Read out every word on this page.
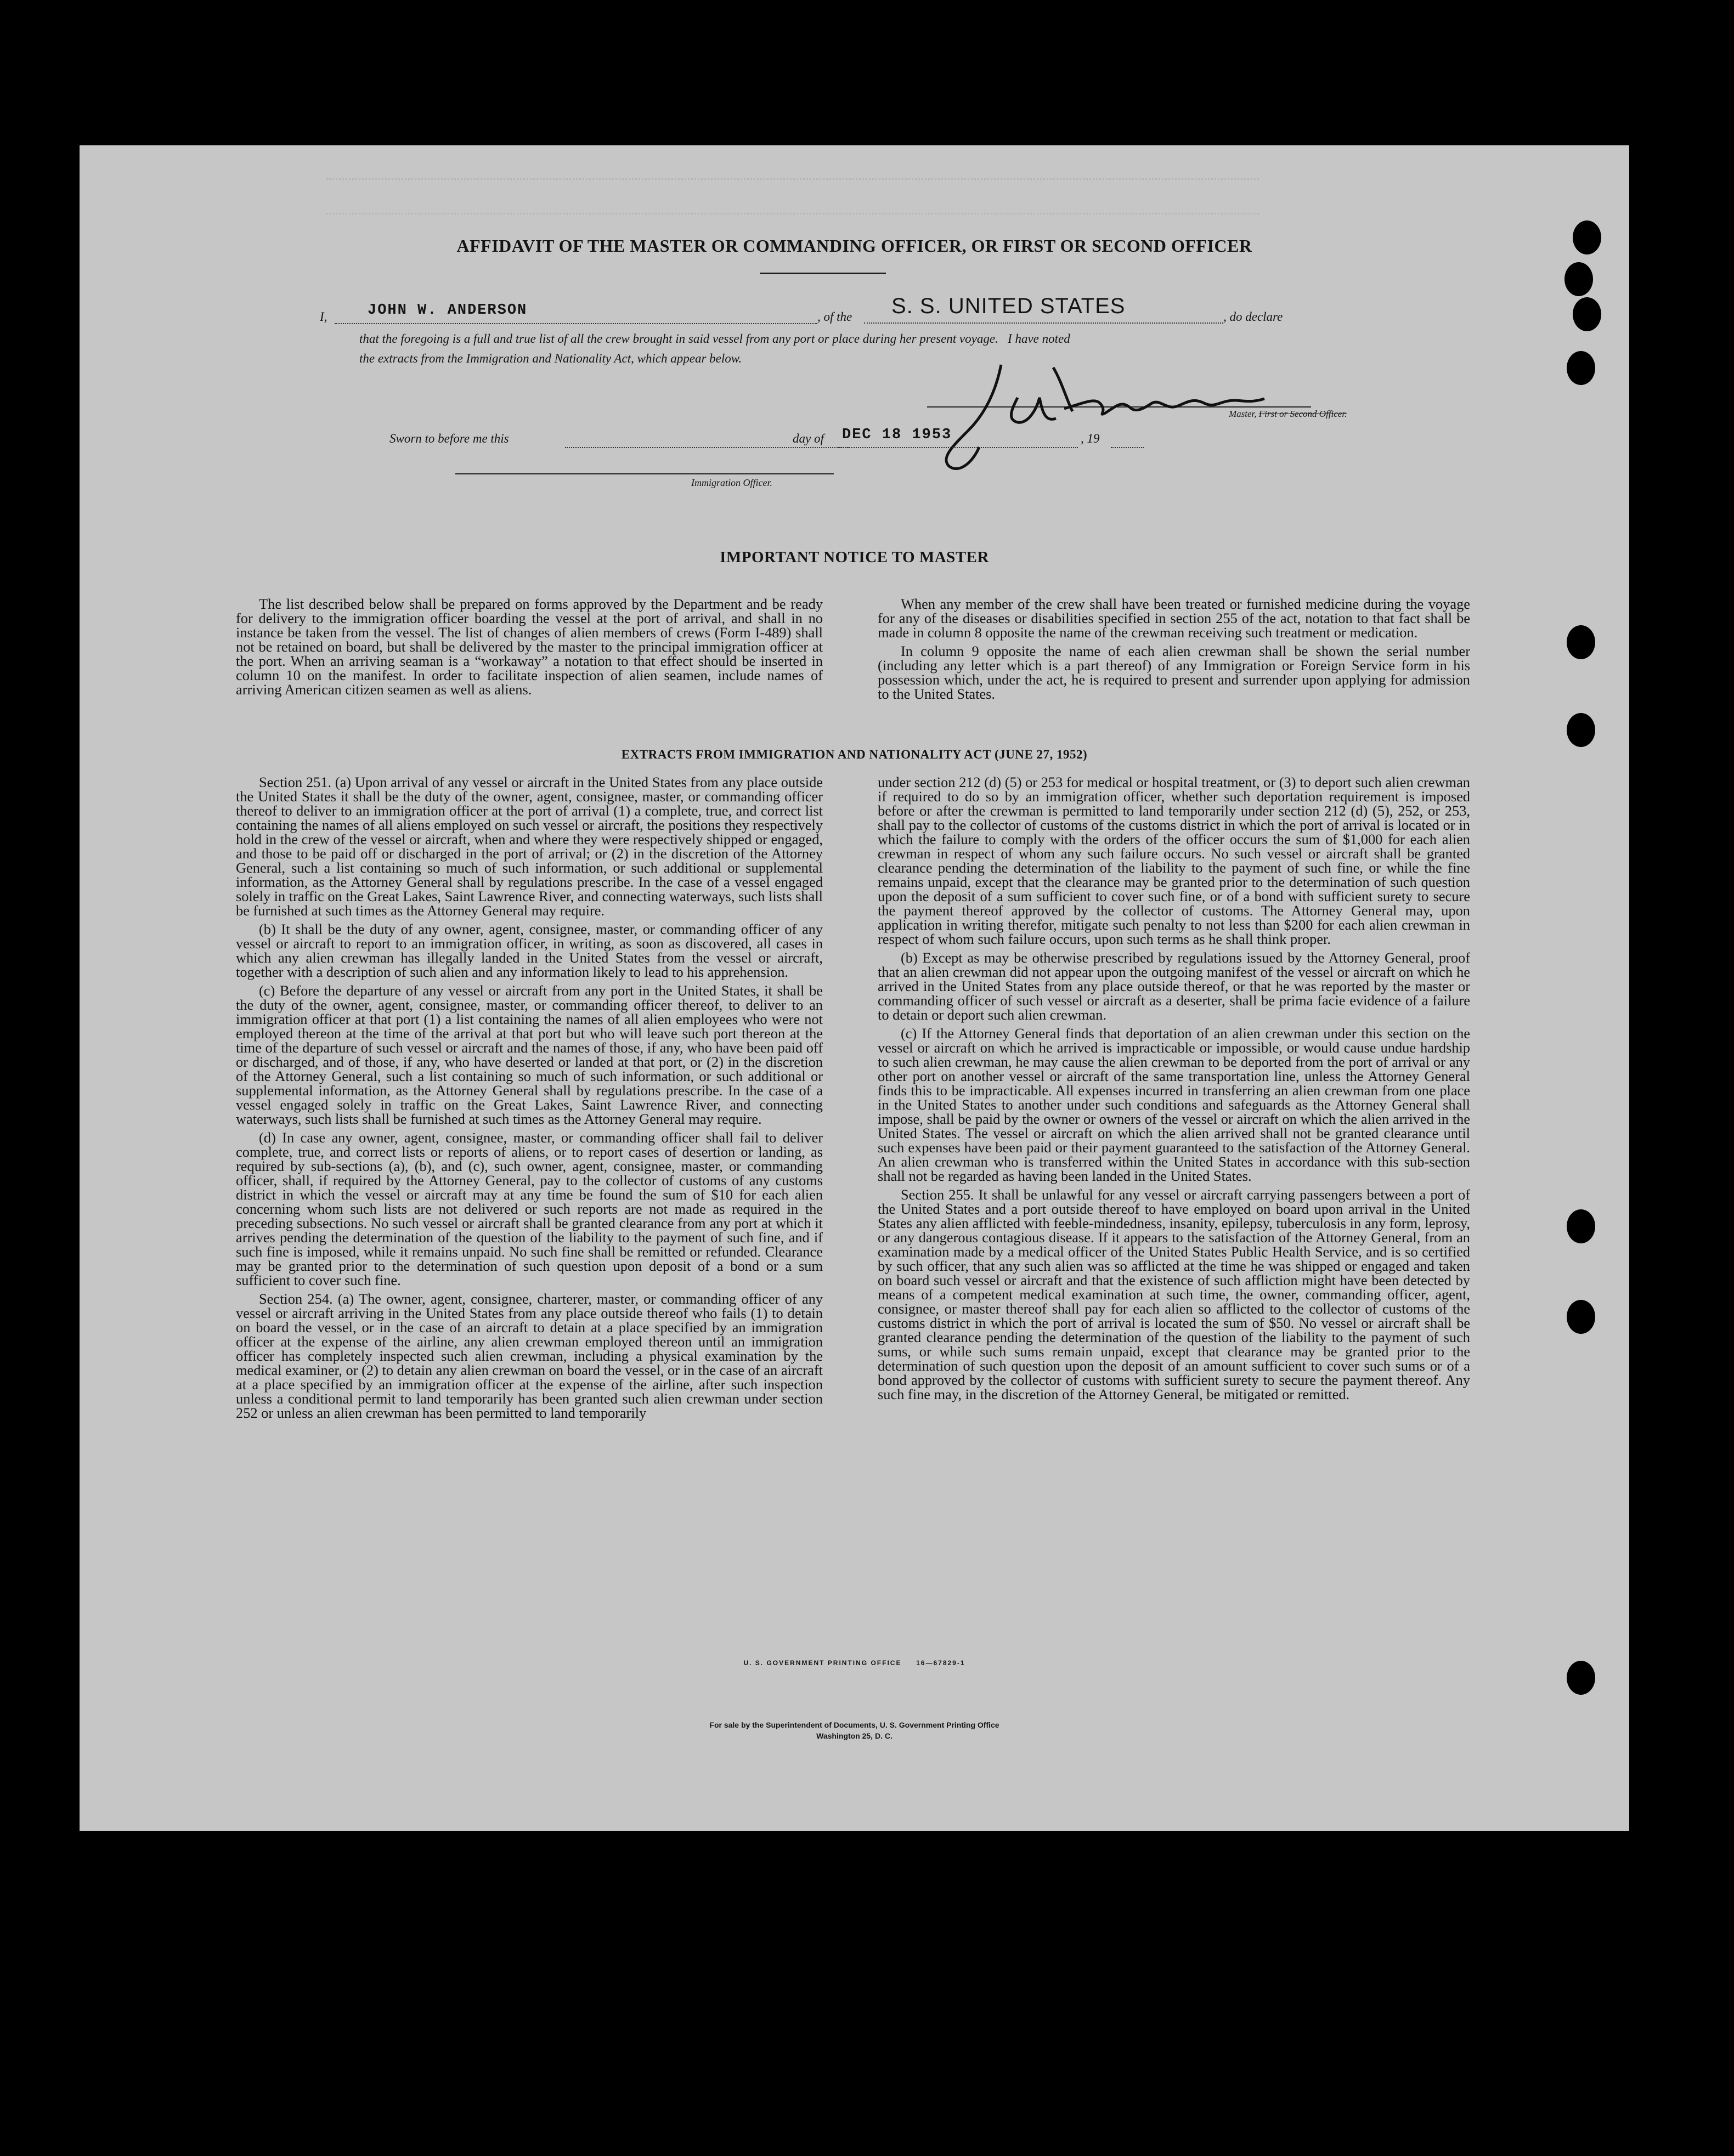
AFFIDAVIT OF THE MASTER OR COMMANDING OFFICER, OR FIRST OR SECOND OFFICER
I,	JOHN W. ANDERSON	, of the S. S. UNITED STATES	, do declare
that the foregoing is a full and true list of all the crew brought in said vessel from any port or place during her present voyage.   I have noted
the extracts from the Immigration and Nationality Act, which appear below.
Master, First or Second Officer.
Sworn to before me this	day of DEC 18 1953	, 19
Immigration Officer.
IMPORTANT NOTICE TO MASTER

The list described below shall be prepared on forms approved by the Department and be ready for delivery to the immigration officer boarding the vessel at the port of arrival, and shall in no instance be taken from the vessel. The list of changes of alien members of crews (Form I-489) shall not be retained on board, but shall be delivered by the master to the principal immigration officer at the port. When an arriving seaman is a “workaway” a notation to that effect should be inserted in column 10 on the manifest. In order to facilitate inspection of alien seamen, include names of arriving American citizen seamen as well as aliens.

When any member of the crew shall have been treated or furnished medicine during the voyage for any of the diseases or disabilities specified in section 255 of the act, notation to that fact shall be made in column 8 opposite the name of the crewman receiving such treatment or medication.

In column 9 opposite the name of each alien crewman shall be shown the serial number (including any letter which is a part thereof) of any Immigration or Foreign Service form in his possession which, under the act, he is required to present and surrender upon applying for admission to the United States.

EXTRACTS FROM IMMIGRATION AND NATIONALITY ACT (JUNE 27, 1952)

Section 251. (a) Upon arrival of any vessel or aircraft in the United States from any place outside the United States it shall be the duty of the owner, agent, consignee, master, or commanding officer thereof to deliver to an immigration officer at the port of arrival (1) a complete, true, and correct list containing the names of all aliens employed on such vessel or aircraft, the positions they respectively hold in the crew of the vessel or aircraft, when and where they were respectively shipped or engaged, and those to be paid off or discharged in the port of arrival; or (2) in the discretion of the Attorney General, such a list containing so much of such information, or such additional or supplemental information, as the Attorney General shall by regulations prescribe. In the case of a vessel engaged solely in traffic on the Great Lakes, Saint Lawrence River, and connecting waterways, such lists shall be furnished at such times as the Attorney General may require.

(b) It shall be the duty of any owner, agent, consignee, master, or commanding officer of any vessel or aircraft to report to an immigration officer, in writing, as soon as discovered, all cases in which any alien crewman has illegally landed in the United States from the vessel or aircraft, together with a description of such alien and any information likely to lead to his apprehension.

(c) Before the departure of any vessel or aircraft from any port in the United States, it shall be the duty of the owner, agent, consignee, master, or commanding officer thereof, to deliver to an immigration officer at that port (1) a list containing the names of all alien employees who were not employed thereon at the time of the arrival at that port but who will leave such port thereon at the time of the departure of such vessel or aircraft and the names of those, if any, who have been paid off or discharged, and of those, if any, who have deserted or landed at that port, or (2) in the discretion of the Attorney General, such a list containing so much of such information, or such additional or supplemental information, as the Attorney General shall by regulations prescribe. In the case of a vessel engaged solely in traffic on the Great Lakes, Saint Lawrence River, and connecting waterways, such lists shall be furnished at such times as the Attorney General may require.

(d) In case any owner, agent, consignee, master, or commanding officer shall fail to deliver complete, true, and correct lists or reports of aliens, or to report cases of desertion or landing, as required by sub-sections (a), (b), and (c), such owner, agent, consignee, master, or commanding officer, shall, if required by the Attorney General, pay to the collector of customs of any customs district in which the vessel or aircraft may at any time be found the sum of $10 for each alien concerning whom such lists are not delivered or such reports are not made as required in the preceding subsections. No such vessel or aircraft shall be granted clearance from any port at which it arrives pending the determination of the question of the liability to the payment of such fine, and if such fine is imposed, while it remains unpaid. No such fine shall be remitted or refunded. Clearance may be granted prior to the determination of such question upon deposit of a bond or a sum sufficient to cover such fine.

Section 254. (a) The owner, agent, consignee, charterer, master, or commanding officer of any vessel or aircraft arriving in the United States from any place outside thereof who fails (1) to detain on board the vessel, or in the case of an aircraft to detain at a place specified by an immigration officer at the expense of the airline, any alien crewman employed thereon until an immigration officer has completely inspected such alien crewman, including a physical examination by the medical examiner, or (2) to detain any alien crewman on board the vessel, or in the case of an aircraft at a place specified by an immigration officer at the expense of the airline, after such inspection unless a conditional permit to land temporarily has been granted such alien crewman under section 252 or unless an alien crewman has been permitted to land temporarily

under section 212 (d) (5) or 253 for medical or hospital treatment, or (3) to deport such alien crewman if required to do so by an immigration officer, whether such deportation requirement is imposed before or after the crewman is permitted to land temporarily under section 212 (d) (5), 252, or 253, shall pay to the collector of customs of the customs district in which the port of arrival is located or in which the failure to comply with the orders of the officer occurs the sum of $1,000 for each alien crewman in respect of whom any such failure occurs. No such vessel or aircraft shall be granted clearance pending the determination of the liability to the payment of such fine, or while the fine remains unpaid, except that the clearance may be granted prior to the determination of such question upon the deposit of a sum sufficient to cover such fine, or of a bond with sufficient surety to secure the payment thereof approved by the collector of customs. The Attorney General may, upon application in writing therefor, mitigate such penalty to not less than $200 for each alien crewman in respect of whom such failure occurs, upon such terms as he shall think proper.

(b) Except as may be otherwise prescribed by regulations issued by the Attorney General, proof that an alien crewman did not appear upon the outgoing manifest of the vessel or aircraft on which he arrived in the United States from any place outside thereof, or that he was reported by the master or commanding officer of such vessel or aircraft as a deserter, shall be prima facie evidence of a failure to detain or deport such alien crewman.

(c) If the Attorney General finds that deportation of an alien crewman under this section on the vessel or aircraft on which he arrived is impracticable or impossible, or would cause undue hardship to such alien crewman, he may cause the alien crewman to be deported from the port of arrival or any other port on another vessel or aircraft of the same transportation line, unless the Attorney General finds this to be impracticable. All expenses incurred in transferring an alien crewman from one place in the United States to another under such conditions and safeguards as the Attorney General shall impose, shall be paid by the owner or owners of the vessel or aircraft on which the alien arrived in the United States. The vessel or aircraft on which the alien arrived shall not be granted clearance until such expenses have been paid or their payment guaranteed to the satisfaction of the Attorney General. An alien crewman who is transferred within the United States in accordance with this sub-section shall not be regarded as having been landed in the United States.

Section 255. It shall be unlawful for any vessel or aircraft carrying passengers between a port of the United States and a port outside thereof to have employed on board upon arrival in the United States any alien afflicted with feeble-mindedness, insanity, epilepsy, tuberculosis in any form, leprosy, or any dangerous contagious disease. If it appears to the satisfaction of the Attorney General, from an examination made by a medical officer of the United States Public Health Service, and is so certified by such officer, that any such alien was so afflicted at the time he was shipped or engaged and taken on board such vessel or aircraft and that the existence of such affliction might have been detected by means of a competent medical examination at such time, the owner, commanding officer, agent, consignee, or master thereof shall pay for each alien so afflicted to the collector of customs of the customs district in which the port of arrival is located the sum of $50. No vessel or aircraft shall be granted clearance pending the determination of the question of the liability to the payment of such sums, or while such sums remain unpaid, except that clearance may be granted prior to the determination of such question upon the deposit of an amount sufficient to cover such sums or of a bond approved by the collector of customs with sufficient surety to secure the payment thereof. Any such fine may, in the discretion of the Attorney General, be mitigated or remitted.

U. S. GOVERNMENT PRINTING OFFICE     16—67829-1
For sale by the Superintendent of Documents, U. S. Government Printing Office
Washington 25, D. C.
